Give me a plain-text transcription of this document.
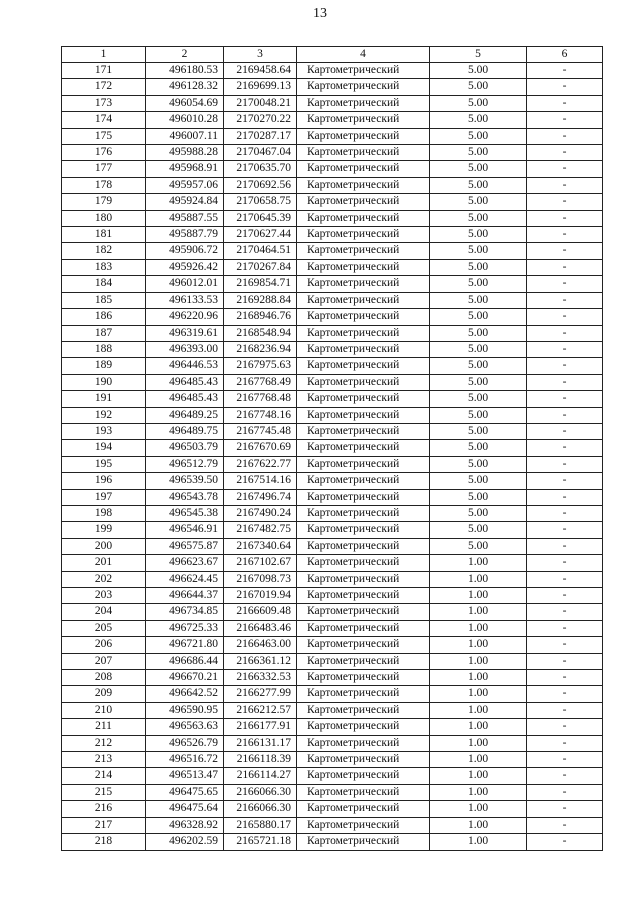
13
1	2	3	4	5	6
171	496180.53	2169458.64	Картометрический	5.00	-
172	496128.32	2169699.13	Картометрический	5.00	-
173	496054.69	2170048.21	Картометрический	5.00	-
174	496010.28	2170270.22	Картометрический	5.00	-
175	496007.11	2170287.17	Картометрический	5.00	-
176	495988.28	2170467.04	Картометрический	5.00	-
177	495968.91	2170635.70	Картометрический	5.00	-
178	495957.06	2170692.56	Картометрический	5.00	-
179	495924.84	2170658.75	Картометрический	5.00	-
180	495887.55	2170645.39	Картометрический	5.00	-
181	495887.79	2170627.44	Картометрический	5.00	-
182	495906.72	2170464.51	Картометрический	5.00	-
183	495926.42	2170267.84	Картометрический	5.00	-
184	496012.01	2169854.71	Картометрический	5.00	-
185	496133.53	2169288.84	Картометрический	5.00	-
186	496220.96	2168946.76	Картометрический	5.00	-
187	496319.61	2168548.94	Картометрический	5.00	-
188	496393.00	2168236.94	Картометрический	5.00	-
189	496446.53	2167975.63	Картометрический	5.00	-
190	496485.43	2167768.49	Картометрический	5.00	-
191	496485.43	2167768.48	Картометрический	5.00	-
192	496489.25	2167748.16	Картометрический	5.00	-
193	496489.75	2167745.48	Картометрический	5.00	-
194	496503.79	2167670.69	Картометрический	5.00	-
195	496512.79	2167622.77	Картометрический	5.00	-
196	496539.50	2167514.16	Картометрический	5.00	-
197	496543.78	2167496.74	Картометрический	5.00	-
198	496545.38	2167490.24	Картометрический	5.00	-
199	496546.91	2167482.75	Картометрический	5.00	-
200	496575.87	2167340.64	Картометрический	5.00	-
201	496623.67	2167102.67	Картометрический	1.00	-
202	496624.45	2167098.73	Картометрический	1.00	-
203	496644.37	2167019.94	Картометрический	1.00	-
204	496734.85	2166609.48	Картометрический	1.00	-
205	496725.33	2166483.46	Картометрический	1.00	-
206	496721.80	2166463.00	Картометрический	1.00	-
207	496686.44	2166361.12	Картометрический	1.00	-
208	496670.21	2166332.53	Картометрический	1.00	-
209	496642.52	2166277.99	Картометрический	1.00	-
210	496590.95	2166212.57	Картометрический	1.00	-
211	496563.63	2166177.91	Картометрический	1.00	-
212	496526.79	2166131.17	Картометрический	1.00	-
213	496516.72	2166118.39	Картометрический	1.00	-
214	496513.47	2166114.27	Картометрический	1.00	-
215	496475.65	2166066.30	Картометрический	1.00	-
216	496475.64	2166066.30	Картометрический	1.00	-
217	496328.92	2165880.17	Картометрический	1.00	-
218	496202.59	2165721.18	Картометрический	1.00	-
